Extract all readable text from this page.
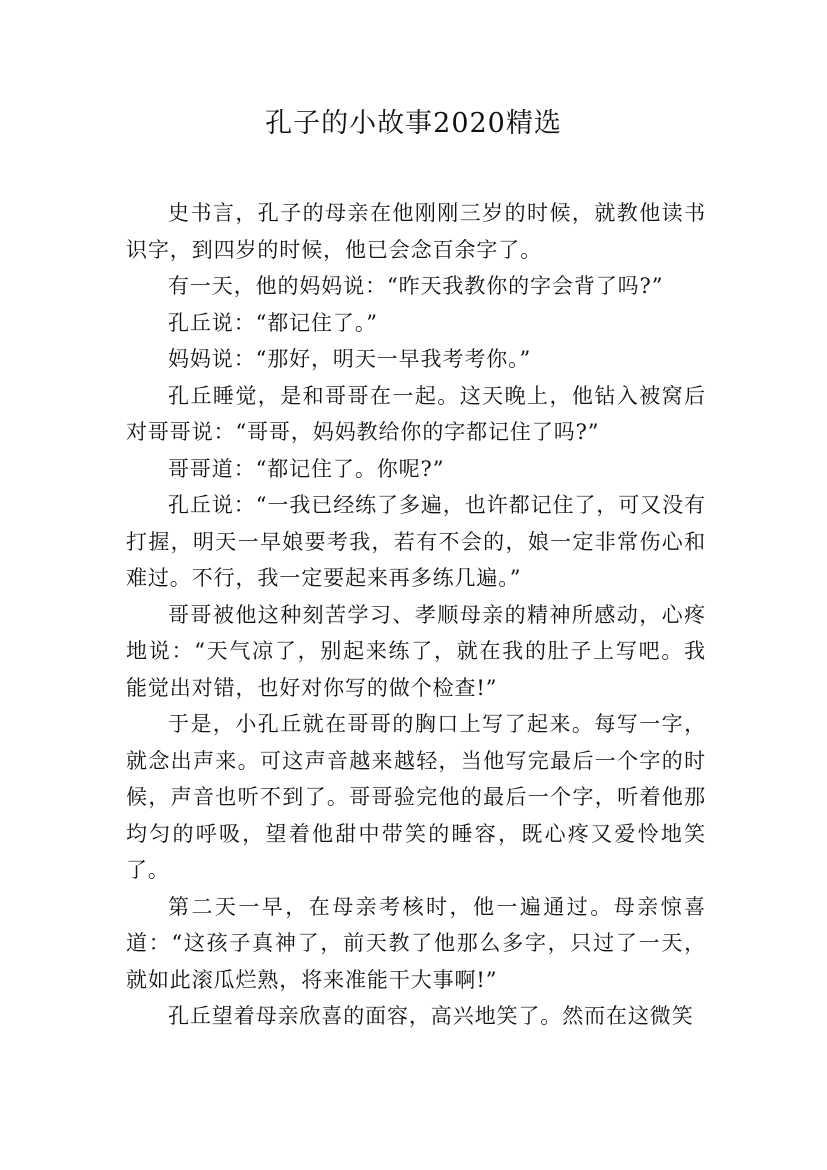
孔子的小故事2020精选

史书言，孔子的母亲在他刚刚三岁的时候，就教他读书识字，到四岁的时候，他已会念百余字了。

有一天，他的妈妈说：“昨天我教你的字会背了吗?”

孔丘说：“都记住了。”

妈妈说：“那好，明天一早我考考你。”

孔丘睡觉，是和哥哥在一起。这天晚上，他钻入被窝后对哥哥说：“哥哥，妈妈教给你的字都记住了吗?”

哥哥道：“都记住了。你呢?”

孔丘说：“一我已经练了多遍，也许都记住了，可又没有打握，明天一早娘要考我，若有不会的，娘一定非常伤心和难过。不行，我一定要起来再多练几遍。”

哥哥被他这种刻苦学习、孝顺母亲的精神所感动，心疼地说：“天气凉了，别起来练了，就在我的肚子上写吧。我能觉出对错，也好对你写的做个检查!”

于是，小孔丘就在哥哥的胸口上写了起来。每写一字，就念出声来。可这声音越来越轻，当他写完最后一个字的时候，声音也听不到了。哥哥验完他的最后一个字，听着他那均匀的呼吸，望着他甜中带笑的睡容，既心疼又爱怜地笑了。

第二天一早，在母亲考核时，他一遍通过。母亲惊喜道：“这孩子真神了，前天教了他那么多字，只过了一天，就如此滚瓜烂熟，将来准能干大事啊!”

孔丘望着母亲欣喜的面容，高兴地笑了。然而在这微笑
